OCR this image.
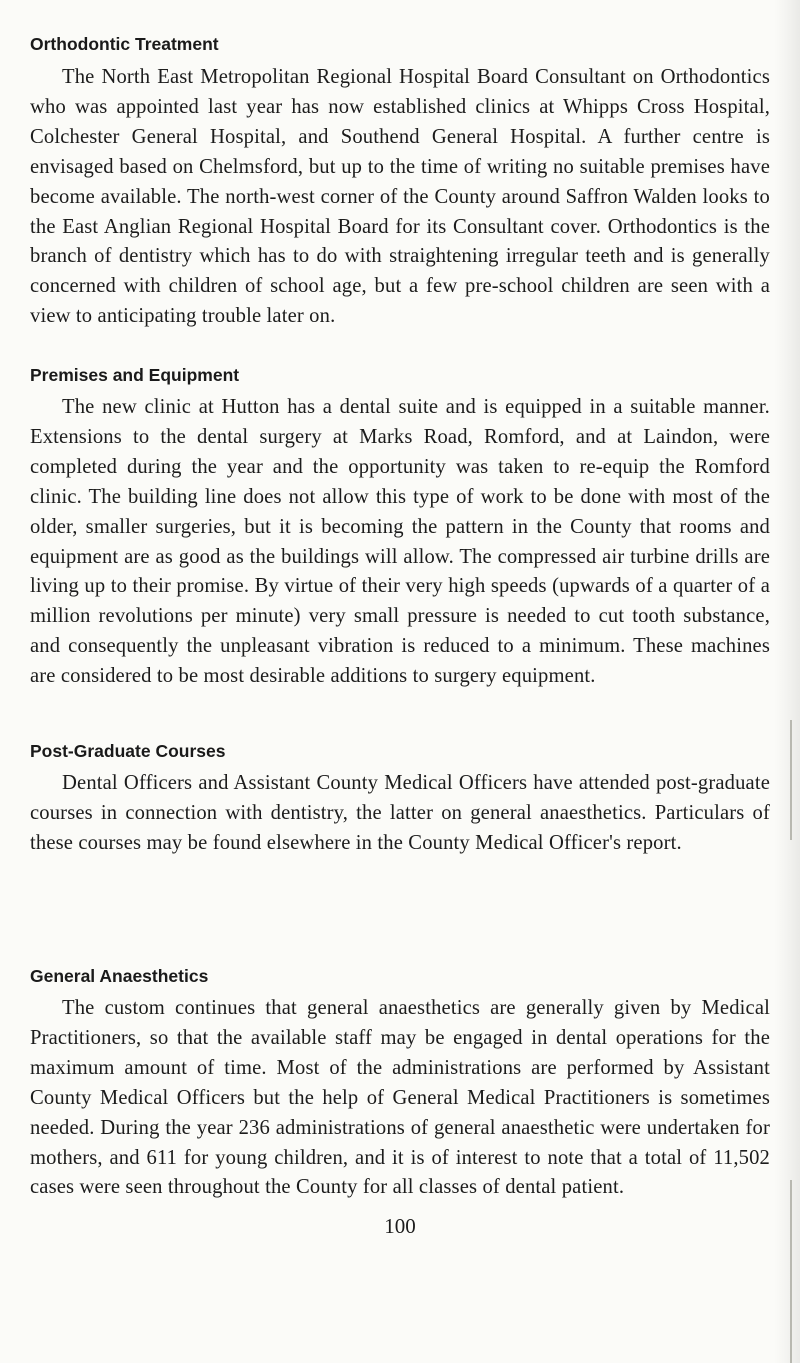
Orthodontic Treatment

The North East Metropolitan Regional Hospital Board Consultant on Orthodontics who was appointed last year has now established clinics at Whipps Cross Hospital, Colchester General Hospital, and Southend General Hospital. A further centre is envisaged based on Chelmsford, but up to the time of writing no suitable premises have become available. The north-west corner of the County around Saffron Walden looks to the East Anglian Regional Hospital Board for its Consultant cover. Orthodontics is the branch of dentistry which has to do with straightening irregular teeth and is generally concerned with children of school age, but a few pre-school children are seen with a view to anticipating trouble later on.

Premises and Equipment

The new clinic at Hutton has a dental suite and is equipped in a suitable manner. Extensions to the dental surgery at Marks Road, Romford, and at Laindon, were completed during the year and the opportunity was taken to re-equip the Romford clinic. The building line does not allow this type of work to be done with most of the older, smaller surgeries, but it is becoming the pattern in the County that rooms and equipment are as good as the buildings will allow. The compressed air turbine drills are living up to their promise. By virtue of their very high speeds (upwards of a quarter of a million revolutions per minute) very small pressure is needed to cut tooth substance, and consequently the unpleasant vibration is reduced to a minimum. These machines are considered to be most desirable additions to surgery equipment.

Post-Graduate Courses

Dental Officers and Assistant County Medical Officers have attended post-graduate courses in connection with dentistry, the latter on general anaesthetics. Particulars of these courses may be found elsewhere in the County Medical Officer's report.

General Anaesthetics

The custom continues that general anaesthetics are generally given by Medical Practitioners, so that the available staff may be engaged in dental operations for the maximum amount of time. Most of the administrations are performed by Assistant County Medical Officers but the help of General Medical Practitioners is sometimes needed. During the year 236 administrations of general anaesthetic were undertaken for mothers, and 611 for young children, and it is of interest to note that a total of 11,502 cases were seen throughout the County for all classes of dental patient.

100
